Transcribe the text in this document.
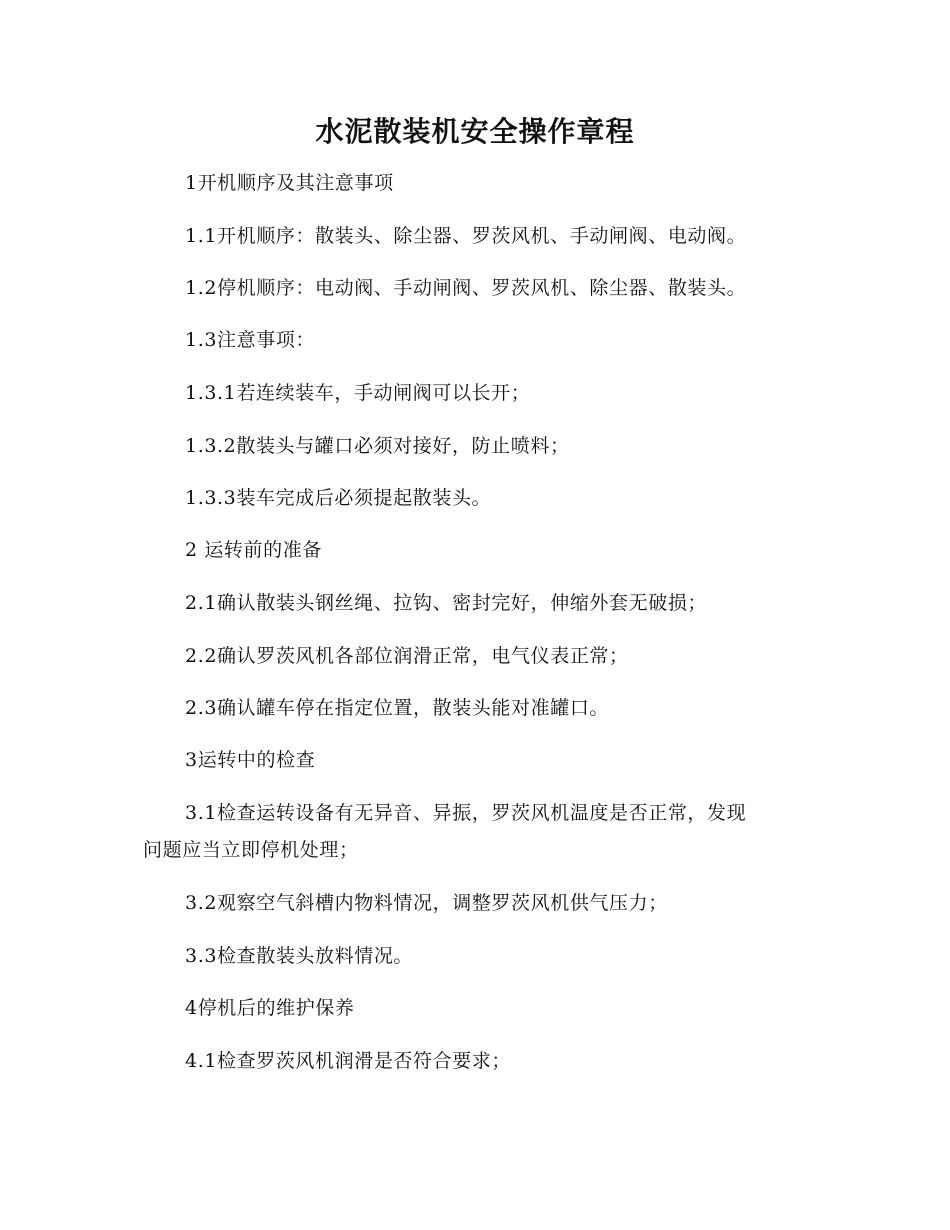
水泥散装机安全操作章程
1开机顺序及其注意事项
1.1开机顺序：散装头、除尘器、罗茨风机、手动闸阀、电动阀。
1.2停机顺序：电动阀、手动闸阀、罗茨风机、除尘器、散装头。
1.3注意事项：
1.3.1若连续装车，手动闸阀可以长开；
1.3.2散装头与罐口必须对接好，防止喷料；
1.3.3装车完成后必须提起散装头。
2 运转前的准备
2.1确认散装头钢丝绳、拉钩、密封完好，伸缩外套无破损；
2.2确认罗茨风机各部位润滑正常，电气仪表正常；
2.3确认罐车停在指定位置，散装头能对准罐口。
3运转中的检查
3.1检查运转设备有无异音、异振，罗茨风机温度是否正常，发现
问题应当立即停机处理；
3.2观察空气斜槽内物料情况，调整罗茨风机供气压力；
3.3检查散装头放料情况。
4停机后的维护保养
4.1检查罗茨风机润滑是否符合要求；
